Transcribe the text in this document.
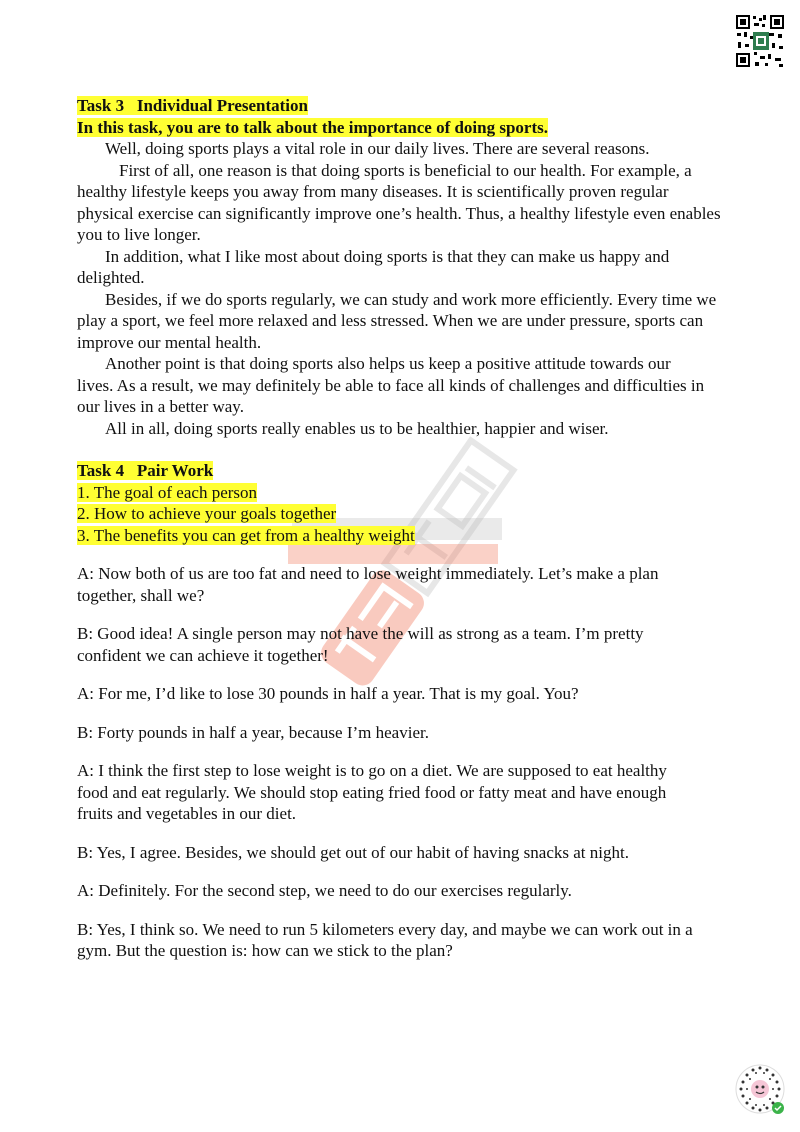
Task 3   Individual Presentation
In this task, you are to talk about the importance of doing sports.

Well, doing sports plays a vital role in our daily lives. There are several reasons.

First of all, one reason is that doing sports is beneficial to our health. For example, a healthy lifestyle keeps you away from many diseases. It is scientifically proven regular physical exercise can significantly improve one’s health. Thus, a healthy lifestyle even enables you to live longer.

In addition, what I like most about doing sports is that they can make us happy and delighted.

Besides, if we do sports regularly, we can study and work more efficiently. Every time we play a sport, we feel more relaxed and less stressed. When we are under pressure, sports can improve our mental health.

Another point is that doing sports also helps us keep a positive attitude towards our lives. As a result, we may definitely be able to face all kinds of challenges and difficulties in our lives in a better way.

All in all, doing sports really enables us to be healthier, happier and wiser.

Task 4   Pair Work
1. The goal of each person
2. How to achieve your goals together
3. The benefits you can get from a healthy weight

A: Now both of us are too fat and need to lose weight immediately. Let’s make a plan together, shall we?

B: Good idea! A single person may not have the will as strong as a team. I’m pretty confident we can achieve it together!

A: For me, I’d like to lose 30 pounds in half a year. That is my goal. You?

B: Forty pounds in half a year, because I’m heavier.

A: I think the first step to lose weight is to go on a diet. We are supposed to eat healthy food and eat regularly. We should stop eating fried food or fatty meat and have enough fruits and vegetables in our diet.

B: Yes, I agree. Besides, we should get out of our habit of having snacks at night.

A: Definitely. For the second step, we need to do our exercises regularly.

B: Yes, I think so. We need to run 5 kilometers every day, and maybe we can work out in a gym. But the question is: how can we stick to the plan?
